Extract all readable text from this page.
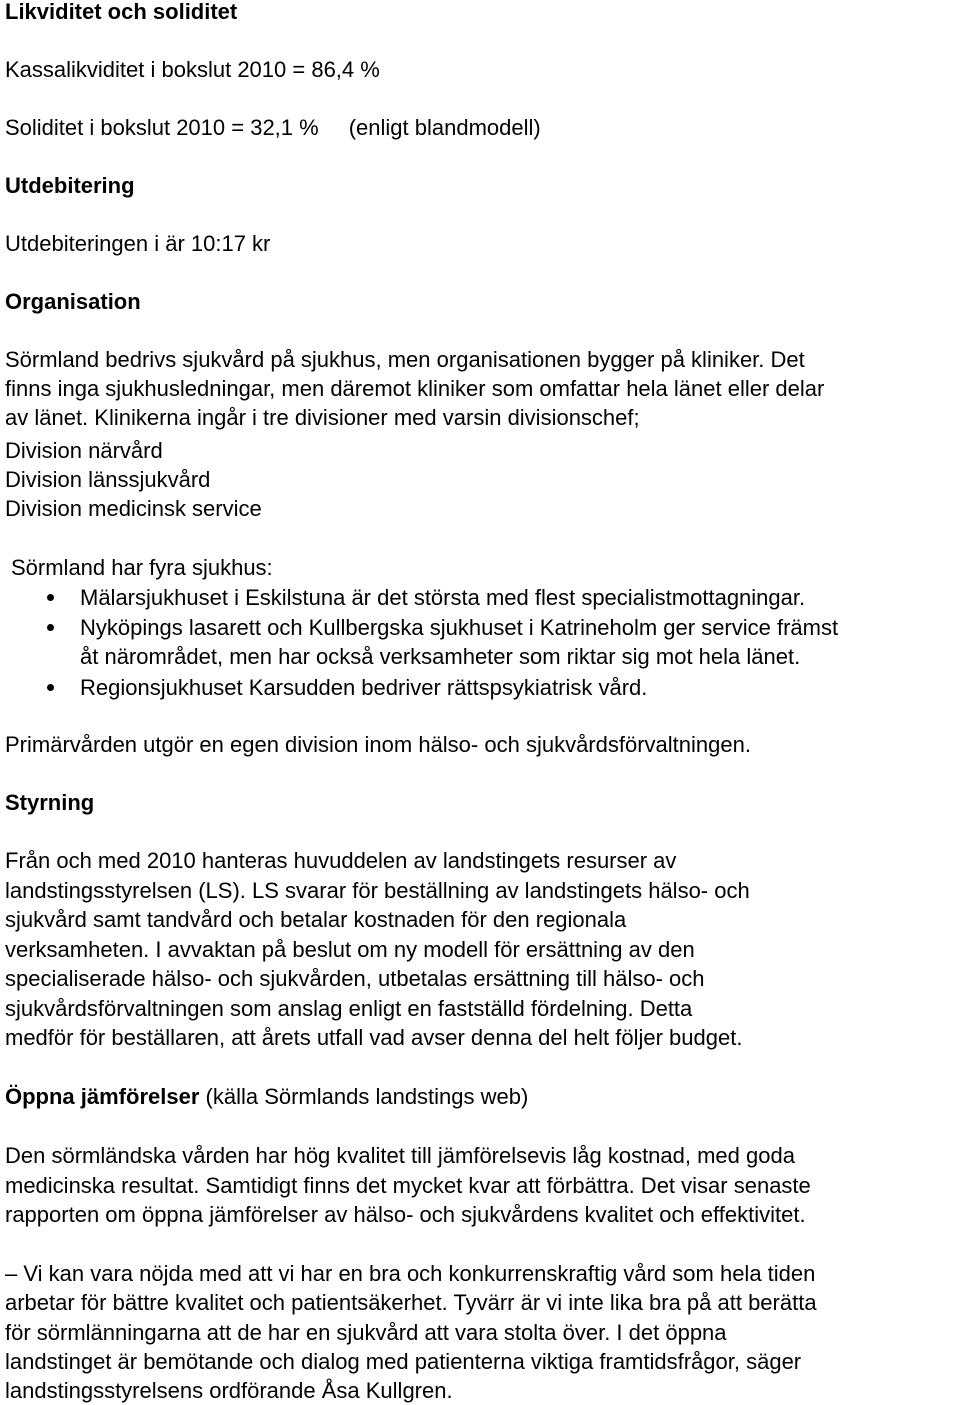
Likviditet och soliditet

Kassalikviditet i bokslut 2010 = 86,4 %

Soliditet i bokslut 2010 = 32,1 % (enligt blandmodell)

Utdebitering

Utdebiteringen i är 10:17 kr

Organisation

Sörmland bedrivs sjukvård på sjukhus, men organisationen bygger på kliniker. Det

finns inga sjukhusledningar, men däremot kliniker som omfattar hela länet eller delar

av länet. Klinikerna ingår i tre divisioner med varsin divisionschef;

Division närvård

Division länssjukvård

Division medicinsk service

Sörmland har fyra sjukhus:

Mälarsjukhuset i Eskilstuna är det största med flest specialistmottagningar.

Nyköpings lasarett och Kullbergska sjukhuset i Katrineholm ger service främst

åt närområdet, men har också verksamheter som riktar sig mot hela länet.

Regionsjukhuset Karsudden bedriver rättspsykiatrisk vård.

Primärvården utgör en egen division inom hälso- och sjukvårdsförvaltningen.

Styrning

Från och med 2010 hanteras huvuddelen av landstingets resurser av

landstingsstyrelsen (LS). LS svarar för beställning av landstingets hälso- och

sjukvård samt tandvård och betalar kostnaden för den regionala

verksamheten. I avvaktan på beslut om ny modell för ersättning av den

specialiserade hälso- och sjukvården, utbetalas ersättning till hälso- och

sjukvårdsförvaltningen som anslag enligt en fastställd fördelning. Detta

medför för beställaren, att årets utfall vad avser denna del helt följer budget.

Öppna jämförelser (källa Sörmlands landstings web)

Den sörmländska vården har hög kvalitet till jämförelsevis låg kostnad, med goda

medicinska resultat. Samtidigt finns det mycket kvar att förbättra. Det visar senaste

rapporten om öppna jämförelser av hälso- och sjukvårdens kvalitet och effektivitet.

– Vi kan vara nöjda med att vi har en bra och konkurrenskraftig vård som hela tiden

arbetar för bättre kvalitet och patientsäkerhet. Tyvärr är vi inte lika bra på att berätta

för sörmlänningarna att de har en sjukvård att vara stolta över. I det öppna

landstinget är bemötande och dialog med patienterna viktiga framtidsfrågor, säger

landstingsstyrelsens ordförande Åsa Kullgren.
